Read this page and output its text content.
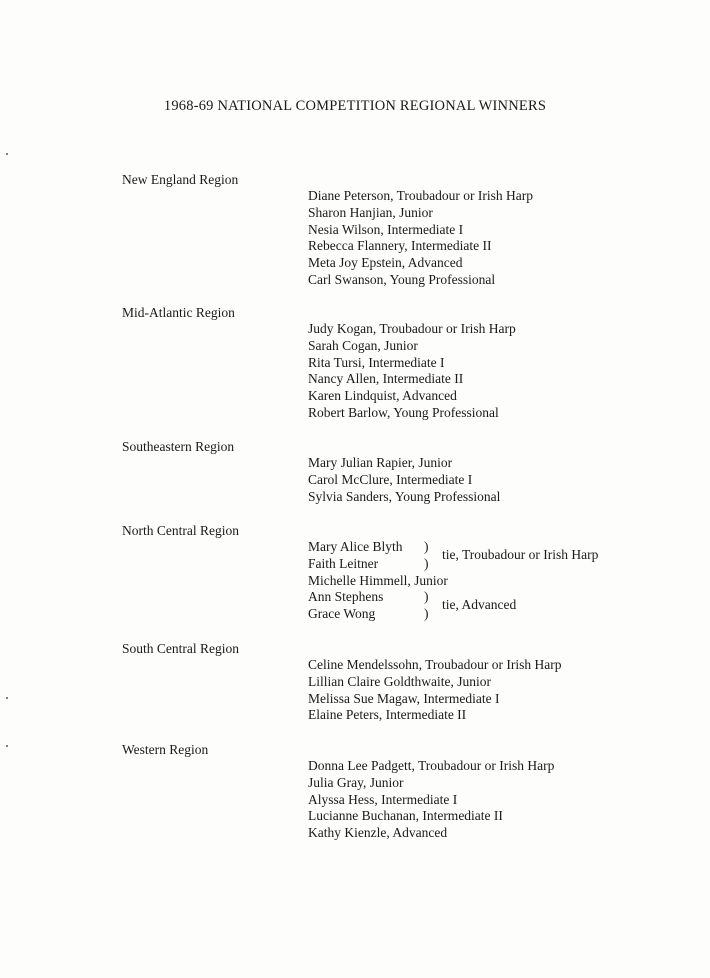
1968-69 NATIONAL COMPETITION REGIONAL WINNERS
New England Region
Diane Peterson, Troubadour or Irish Harp
Sharon Hanjian, Junior
Nesia Wilson, Intermediate I
Rebecca Flannery, Intermediate II
Meta Joy Epstein, Advanced
Carl Swanson, Young Professional
Mid-Atlantic Region
Judy Kogan, Troubadour or Irish Harp
Sarah Cogan, Junior
Rita Tursi, Intermediate I
Nancy Allen, Intermediate II
Karen Lindquist, Advanced
Robert Barlow, Young Professional
Southeastern Region
Mary Julian Rapier, Junior
Carol McClure, Intermediate I
Sylvia Sanders, Young Professional
North Central Region
Mary Alice Blyth
Faith Leitner
)
)
tie, Troubadour or Irish Harp
Michelle Himmell, Junior
Ann Stephens
Grace Wong
)
)
tie, Advanced
South Central Region
Celine Mendelssohn, Troubadour or Irish Harp
Lillian Claire Goldthwaite, Junior
Melissa Sue Magaw, Intermediate I
Elaine Peters, Intermediate II
Western Region
Donna Lee Padgett, Troubadour or Irish Harp
Julia Gray, Junior
Alyssa Hess, Intermediate I
Lucianne Buchanan, Intermediate II
Kathy Kienzle, Advanced
